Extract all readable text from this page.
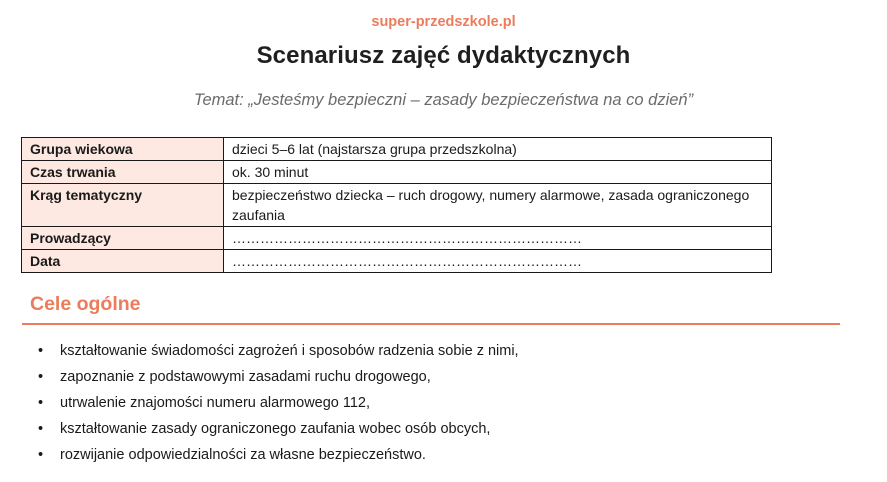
super-przedszkole.pl
Scenariusz zajęć dydaktycznych
Temat: „Jesteśmy bezpieczni – zasady bezpieczeństwa na co dzień”
Grupa wiekowa	dzieci 5–6 lat (najstarsza grupa przedszkolna)
Czas trwania	ok. 30 minut
Krąg tematyczny	bezpieczeństwo dziecka – ruch drogowy, numery alarmowe, zasada ograniczonego zaufania
Prowadzący	…………………………………………………………………
Data	…………………………………………………………………
Cele ogólne
• kształtowanie świadomości zagrożeń i sposobów radzenia sobie z nimi,
• zapoznanie z podstawowymi zasadami ruchu drogowego,
• utrwalenie znajomości numeru alarmowego 112,
• kształtowanie zasady ograniczonego zaufania wobec osób obcych,
• rozwijanie odpowiedzialności za własne bezpieczeństwo.
